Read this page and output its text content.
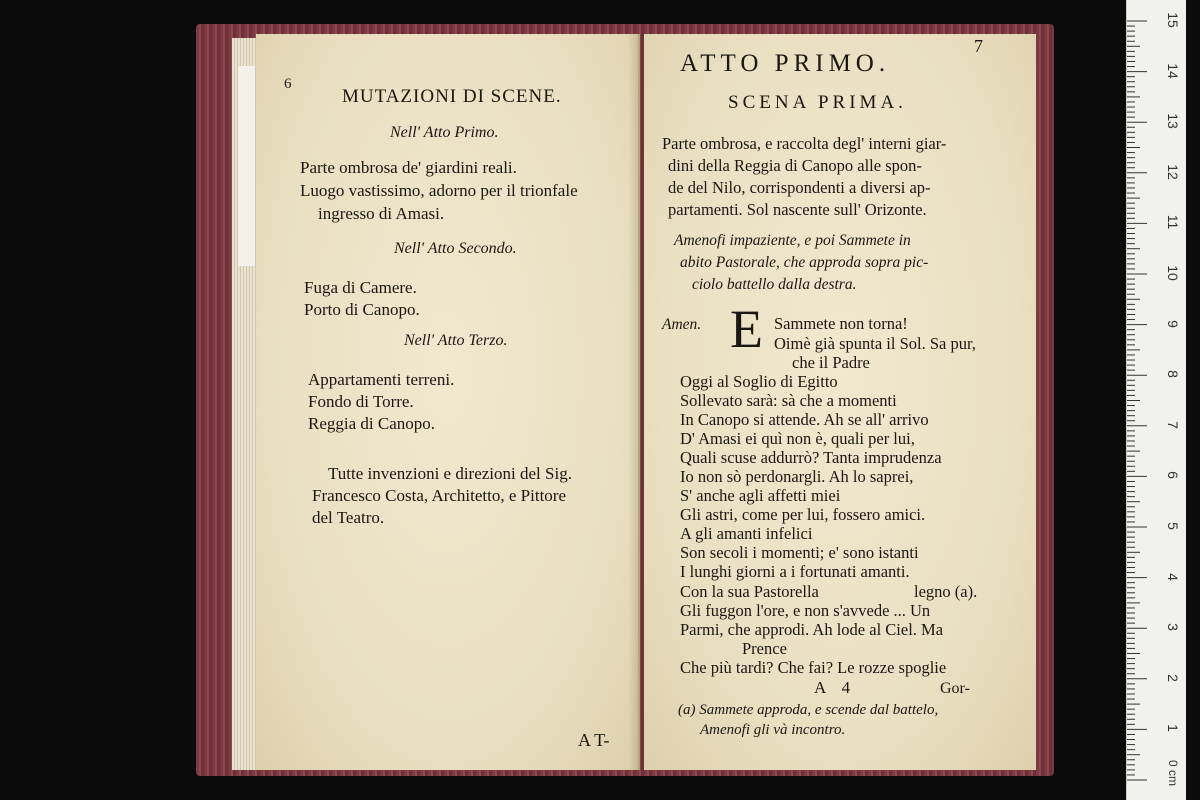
6
MUTAZIONI DI SCENE.
Nell' Atto Primo.
Parte ombrosa de' giardini reali.
Luogo vastissimo, adorno per il trionfale
ingresso di Amasi.
Nell' Atto Secondo.
Fuga di Camere.
Porto di Canopo.
Nell' Atto Terzo.
Appartamenti terreni.
Fondo di Torre.
Reggia di Canopo.
Tutte invenzioni e direzioni del Sig.
Francesco Costa, Architetto, e Pittore
del Teatro.
A T-
7
ATTO PRIMO.
SCENA PRIMA.
Parte ombrosa, e raccolta degl' interni giar-
dini della Reggia di Canopo alle spon-
de del Nilo, corrispondenti a diversi ap-
partamenti. Sol nascente sull' Orizonte.
Amenofi impaziente, e poi Sammete in
abito Pastorale, che approda sopra pic-
ciolo battello dalla destra.
Amen. E Sammete non torna!
Oimè già spunta il Sol. Sa pur,
che il Padre
Oggi al Soglio di Egitto
Sollevato sarà: sà che a momenti
In Canopo si attende. Ah se all' arrivo
D' Amasi ei quì non è, quali per lui,
Quali scuse addurrò? Tanta imprudenza
Io non sò perdonargli. Ah lo saprei,
S' anche agli affetti miei
Gli astri, come per lui, fossero amici.
A gli amanti infelici
Son secoli i momenti; e' sono istanti
I lunghi giorni a i fortunati amanti.
Con la sua Pastorella	legno (a).
Gli fuggon l'ore, e non s'avvede ... Un
Parmi, che approdi. Ah lode al Ciel. Ma
Prence
Che più tardi? Che fai? Le rozze spoglie
A 4	Gor-
(a) Sammete approda, e scende dal battelo,
Amenofi gli và incontro.	1
2
3
4
5
6
7
8
9
10
11
12
13
14
15
0 cm
